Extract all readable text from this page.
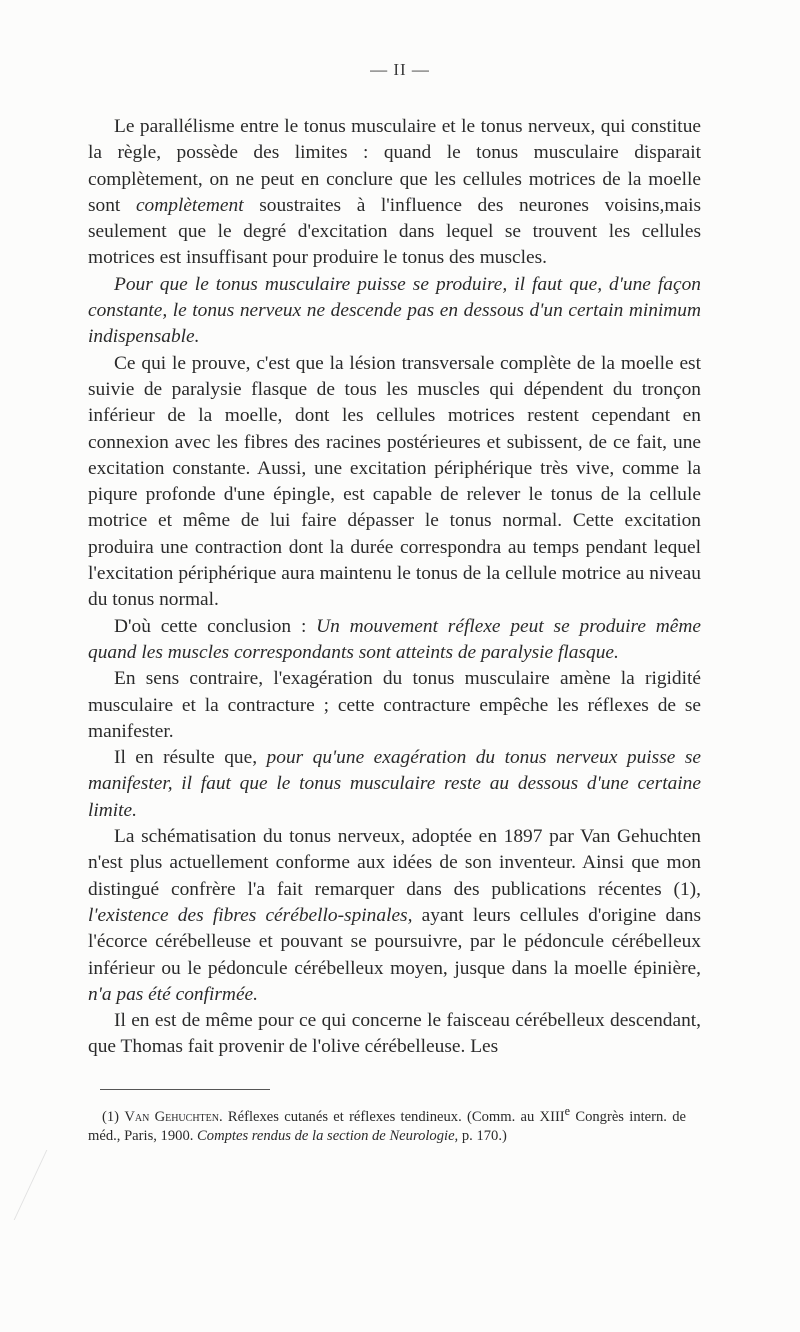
— II —

Le parallélisme entre le tonus musculaire et le tonus nerveux, qui constitue la règle, possède des limites : quand le tonus musculaire disparait complètement, on ne peut en conclure que les cellules motrices de la moelle sont complètement soustraites à l'influence des neurones voisins,mais seulement que le degré d'excitation dans lequel se trouvent les cellules motrices est insuffisant pour produire le tonus des muscles.

Pour que le tonus musculaire puisse se produire, il faut que, d'une façon constante, le tonus nerveux ne descende pas en dessous d'un certain minimum indispensable.

Ce qui le prouve, c'est que la lésion transversale complète de la moelle est suivie de paralysie flasque de tous les muscles qui dépendent du tronçon inférieur de la moelle, dont les cellules motrices restent cependant en connexion avec les fibres des racines postérieures et subissent, de ce fait, une excitation constante. Aussi, une excitation périphérique très vive, comme la piqure profonde d'une épingle, est capable de relever le tonus de la cellule motrice et même de lui faire dépasser le tonus normal. Cette excitation produira une contraction dont la durée correspondra au temps pendant lequel l'excitation périphérique aura maintenu le tonus de la cellule motrice au niveau du tonus normal.

D'où cette conclusion : Un mouvement réflexe peut se produire même quand les muscles correspondants sont atteints de paralysie flasque.

En sens contraire, l'exagération du tonus musculaire amène la rigidité musculaire et la contracture ; cette contracture empêche les réflexes de se manifester.

Il en résulte que, pour qu'une exagération du tonus nerveux puisse se manifester, il faut que le tonus musculaire reste au dessous d'une certaine limite.

La schématisation du tonus nerveux, adoptée en 1897 par Van Gehuchten n'est plus actuellement conforme aux idées de son inventeur. Ainsi que mon distingué confrère l'a fait remarquer dans des publications récentes (1), l'existence des fibres cérébello-spinales, ayant leurs cellules d'origine dans l'écorce cérébelleuse et pouvant se poursuivre, par le pédoncule cérébelleux inférieur ou le pédoncule cérébelleux moyen, jusque dans la moelle épinière, n'a pas été confirmée.

Il en est de même pour ce qui concerne le faisceau cérébelleux descendant, que Thomas fait provenir de l'olive cérébelleuse. Les

(1) Van Gehuchten. Réflexes cutanés et réflexes tendineux. (Comm. au XIIIe Congrès intern. de méd., Paris, 1900. Comptes rendus de la section de Neurologie, p. 170.)
